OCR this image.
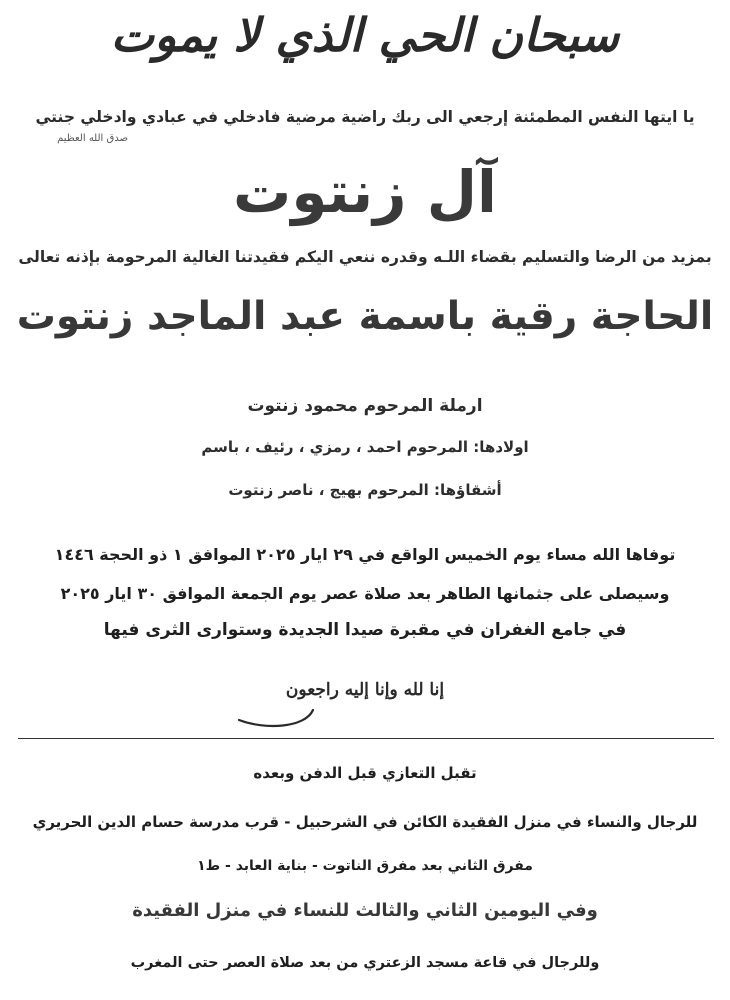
سبحان الحي الذي لا يموت
يا ايتها النفس المطمئنة إرجعي الى ربك راضية مرضية فادخلي في عبادي وادخلي جنتي
صدق الله العظيم
آل زنتوت
بمزيد من الرضا والتسليم بقضاء اللـه وقدره ننعي اليكم فقيدتنا الغالية المرحومة بإذنه تعالى
الحاجة رقية باسمة عبد الماجد زنتوت
ارملة المرحوم محمود زنتوت
اولادها: المرحوم احمد ، رمزي ، رئيف ، باسم
أشقاؤها: المرحوم بهيج ، ناصر زنتوت
توفاها الله مساء يوم الخميس الواقع في ٢٩ ايار ٢٠٢٥ الموافق ١ ذو الحجة ١٤٤٦
وسيصلى على جثمانها الطاهر بعد صلاة عصر يوم الجمعة الموافق ٣٠ ايار ٢٠٢٥
في جامع الغفران في مقبرة صيدا الجديدة وستوارى الثرى فيها
إنا لله وإنا إليه راجعون
تقبل التعازي قبل الدفن وبعده
للرجال والنساء في منزل الفقيدة الكائن في الشرحبيل - قرب مدرسة حسام الدين الحريري
مفرق الثاني بعد مفرق الناتوت - بناية العابد - ط١
وفي اليومين الثاني والثالث للنساء في منزل الفقيدة
وللرجال في قاعة مسجد الزعتري من بعد صلاة العصر حتى المغرب
